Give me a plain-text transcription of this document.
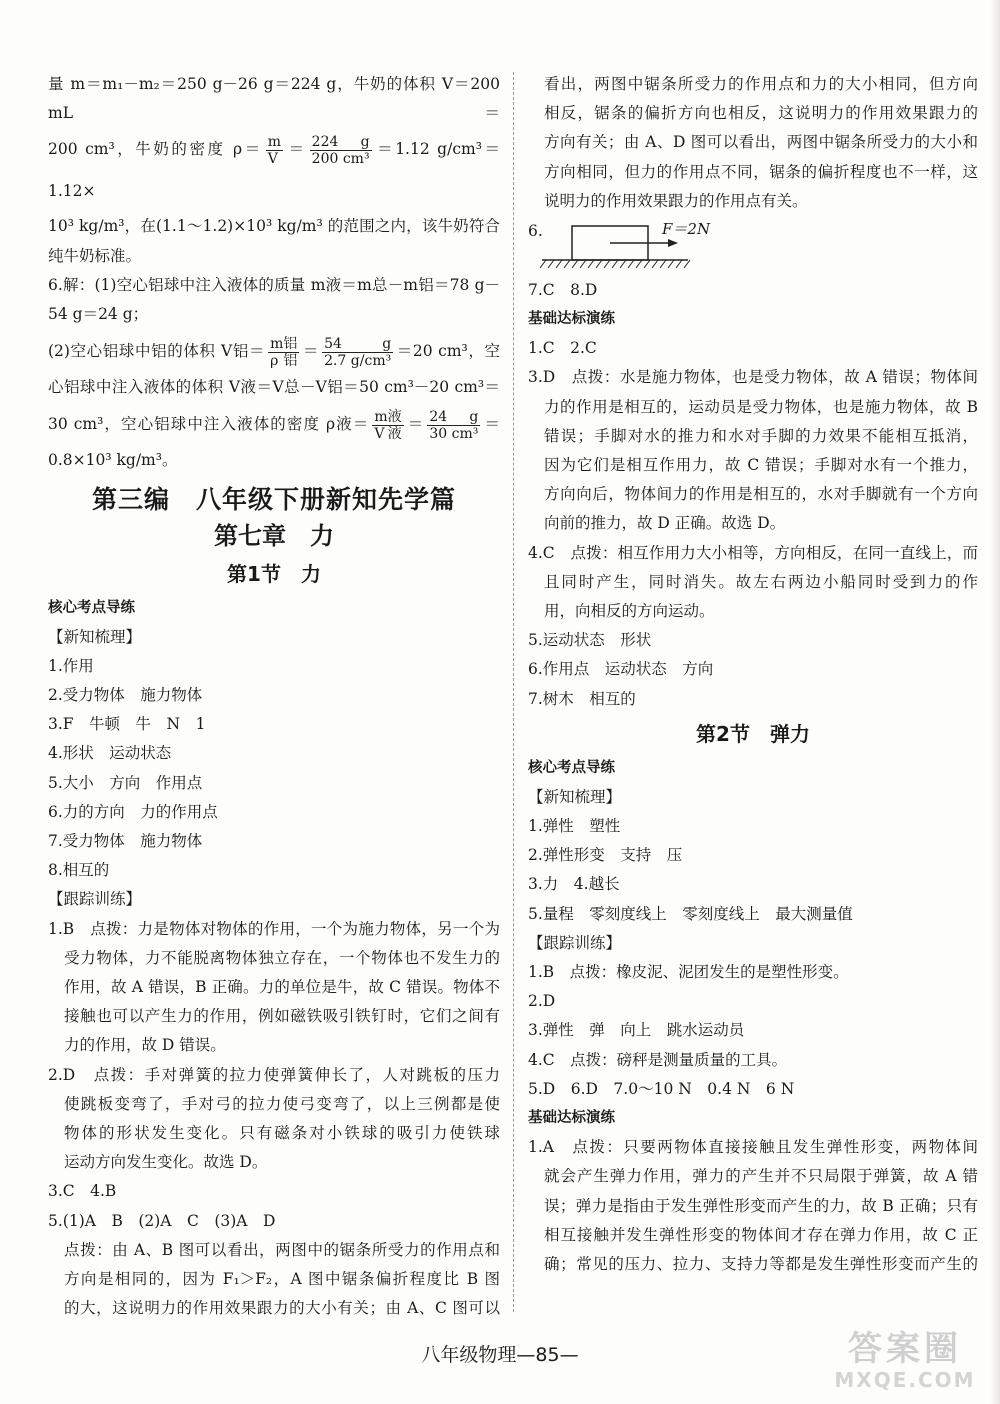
量 m＝m₁－m₂＝250 g－26 g＝224 g，牛奶的体积 V＝200 mL＝

200 cm³，牛奶的密度 $\rho= \frac{m}{V} = \frac{224 g}{\text{200 cm³}} =1.12$ g/cm³＝1.12×

10³ kg/m³，在(1.1～1.2)×10³ kg/m³ 的范围之内，该牛奶符合

纯牛奶标准。

6.解：(1)空心铝球中注入液体的质量 m液＝m总－m铝＝78 g－

54 g＝24 g；

(2)空心铝球中铝的体积 V铝＝ $\frac{\text{m铝}}{\text{ρ铝}} = \frac{54 g}{\text{2.7 g/cm³}} =20$ cm³，空

心铝球中注入液体的体积 V液＝V总－V铝＝50 cm³－20 cm³＝

30 cm³，空心铝球中注入液体的密度 ρ液＝ $\frac{\text{m液}}{\text{V液}} = \frac{24 g}{\text{30 cm³}}$ ＝

0.8×10³ kg/m³。

第三编　八年级下册新知先学篇
第七章　力
第1节　力

核心考点导练

【新知梳理】

1.作用

2.受力物体　施力物体

3.F　牛顿　牛　N　1

4.形状　运动状态

5.大小　方向　作用点

6.力的方向　力的作用点

7.受力物体　施力物体

8.相互的

【跟踪训练】

1.B　点拨：力是物体对物体的作用，一个为施力物体，另一个为

受力物体，力不能脱离物体独立存在，一个物体也不发生力的

作用，故 A 错误，B 正确。力的单位是牛，故 C 错误。物体不

接触也可以产生力的作用，例如磁铁吸引铁钉时，它们之间有

力的作用，故 D 错误。

2.D　点拨：手对弹簧的拉力使弹簧伸长了，人对跳板的压力

使跳板变弯了，手对弓的拉力使弓变弯了，以上三例都是使

物体的形状发生变化。只有磁条对小铁球的吸引力使铁球

运动方向发生变化。故选 D。

3.C　4.B

5.(1)A　B　(2)A　C　(3)A　D

点拨：由 A、B 图可以看出，两图中的锯条所受力的作用点和

方向是相同的，因为 F₁＞F₂，A 图中锯条偏折程度比 B 图

的大，这说明力的作用效果跟力的大小有关；由 A、C 图可以

看出，两图中锯条所受力的作用点和力的大小相同，但方向

相反，锯条的偏折方向也相反，这说明力的作用效果跟力的

方向有关；由 A、D 图可以看出，两图中锯条所受力的大小和

方向相同，但力的作用点不同，锯条的偏折程度也不一样，这

说明力的作用效果跟力的作用点有关。

6.	F＝2N

7.C　8.D

基础达标演练

1.C　2.C

3.D　点拨：水是施力物体，也是受力物体，故 A 错误；物体间

力的作用是相互的，运动员是受力物体，也是施力物体，故 B

错误；手脚对水的推力和水对手脚的力效果不能相互抵消，

因为它们是相互作用力，故 C 错误；手脚对水有一个推力，

方向向后，物体间力的作用是相互的，水对手脚就有一个方向

向前的推力，故 D 正确。故选 D。

4.C　点拨：相互作用力大小相等，方向相反，在同一直线上，而

且同时产生，同时消失。故左右两边小船同时受到力的作

用，向相反的方向运动。

5.运动状态　形状

6.作用点　运动状态　方向

7.树木　相互的

第2节　弹力

核心考点导练

【新知梳理】

1.弹性　塑性

2.弹性形变　支持　压

3.力　4.越长

5.量程　零刻度线上　零刻度线上　最大测量值

【跟踪训练】

1.B　点拨：橡皮泥、泥团发生的是塑性形变。

2.D

3.弹性　弹　向上　跳水运动员

4.C　点拨：磅秤是测量质量的工具。

5.D　6.D　7.0～10 N　0.4 N　6 N

基础达标演练

1.A　点拨：只要两物体直接接触且发生弹性形变，两物体间

就会产生弹力作用，弹力的产生并不只局限于弹簧，故 A 错

误；弹力是指由于发生弹性形变而产生的力，故 B 正确；只有

相互接触并发生弹性形变的物体间才存在弹力作用，故 C 正

确；常见的压力、拉力、支持力等都是发生弹性形变而产生的

八年级物理—85—	答案圈
MXQE.COM
